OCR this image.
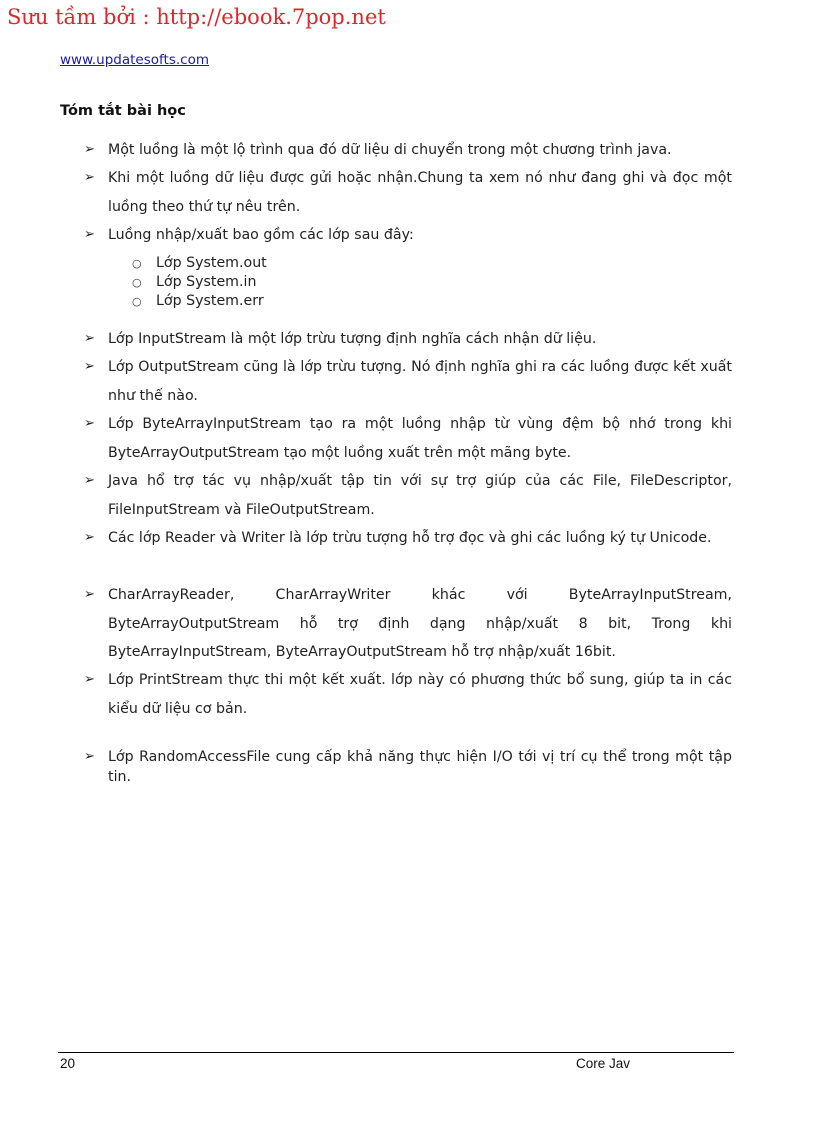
Sưu tầm bởi : http://ebook.7pop.net
www.updatesofts.com
Tóm tắt bài học
➢ Một luồng là một lộ trình qua đó dữ liệu di chuyển trong một chương trình java.
➢ Khi một luồng dữ liệu được gửi hoặc nhận.Chung ta xem nó như đang ghi và đọc một luồng theo thứ tự nêu trên.
➢ Luồng nhập/xuất bao gồm các lớp sau đây:
○ Lớp System.out
○ Lớp System.in
○ Lớp System.err
➢ Lớp InputStream là một lớp trừu tượng định nghĩa cách nhận dữ liệu.
➢ Lớp OutputStream cũng là lớp trừu tượng. Nó định nghĩa ghi ra các luồng được kết xuất như thế nào.
➢ Lớp ByteArrayInputStream tạo ra một luồng nhập từ vùng đệm bộ nhớ trong khi ByteArrayOutputStream tạo một luồng xuất trên một mãng byte.
➢ Java hổ trợ tác vụ nhập/xuất tập tin với sự trợ giúp của các File, FileDescriptor, FileInputStream và FileOutputStream.
➢ Các lớp Reader và Writer là lớp trừu tượng hỗ trợ đọc và ghi các luồng ký tự Unicode.
➢ CharArrayReader, CharArrayWriter khác với ByteArrayInputStream, ByteArrayOutputStream hỗ trợ định dạng nhập/xuất 8 bit, Trong khi ByteArrayInputStream, ByteArrayOutputStream hỗ trợ nhập/xuất 16bit.
➢ Lớp PrintStream thực thi một kết xuất. lớp này có phương thức bổ sung, giúp ta in các kiểu dữ liệu cơ bản.
➢ Lớp RandomAccessFile cung cấp khả năng thực hiện I/O tới vị trí cụ thể trong một tập tin.
20	Core Jav
